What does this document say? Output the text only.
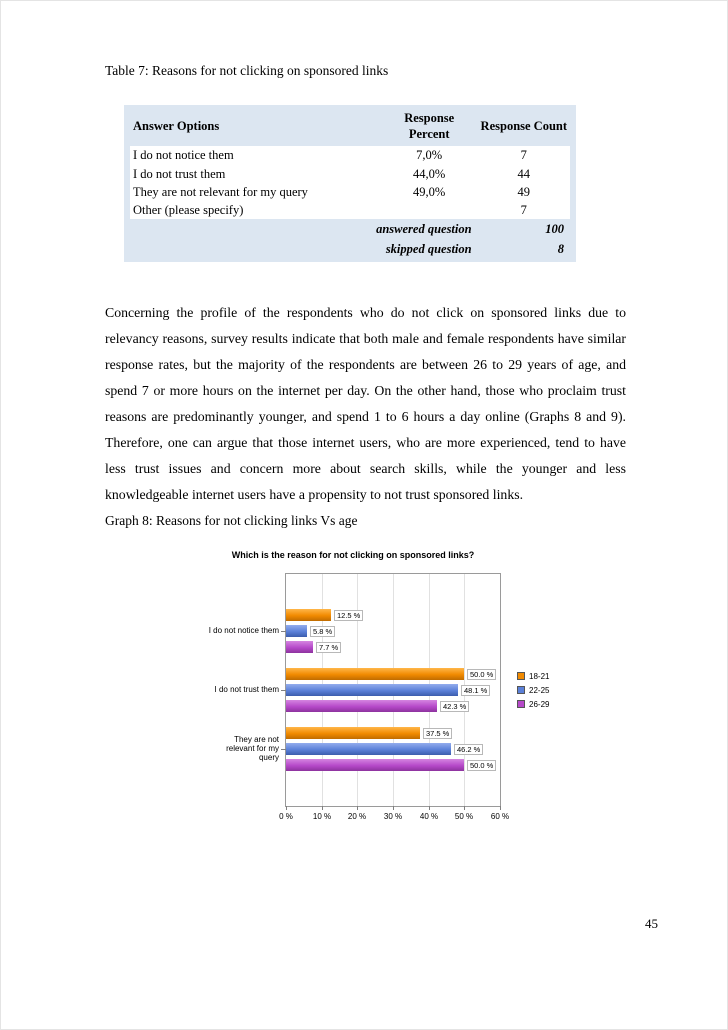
Table 7: Reasons for not clicking on sponsored links
Answer Options	Response Percent	Response Count
I do not notice them	7,0%	7
I do not trust them	44,0%	44
They are not relevant for my query	49,0%	49
Other (please specify)		7
answered question		100
skipped question		8
Concerning the profile of the respondents who do not click on sponsored links due to relevancy reasons, survey results indicate that both male and female respondents have similar response rates, but the majority of the respondents are between 26 to 29 years of age, and spend 7 or more hours on the internet per day. On the other hand, those who proclaim trust reasons are predominantly younger, and spend 1 to 6 hours a day online (Graphs 8 and 9). Therefore, one can argue that those internet users, who are more experienced, tend to have less trust issues and concern more about search skills, while the younger and less knowledgeable internet users have a propensity to not trust sponsored links.
Graph 8: Reasons for not clicking links Vs age
Which is the reason for not clicking on sponsored links?
I do not notice them
I do not trust them
They are not relevant for my query
12.5 %
5.8 %
7.7 %
50.0 %
48.1 %
42.3 %
37.5 %
46.2 %
50.0 %
0 % 10 % 20 % 30 % 40 % 50 % 60 %
18-21
22-25
26-29
45
